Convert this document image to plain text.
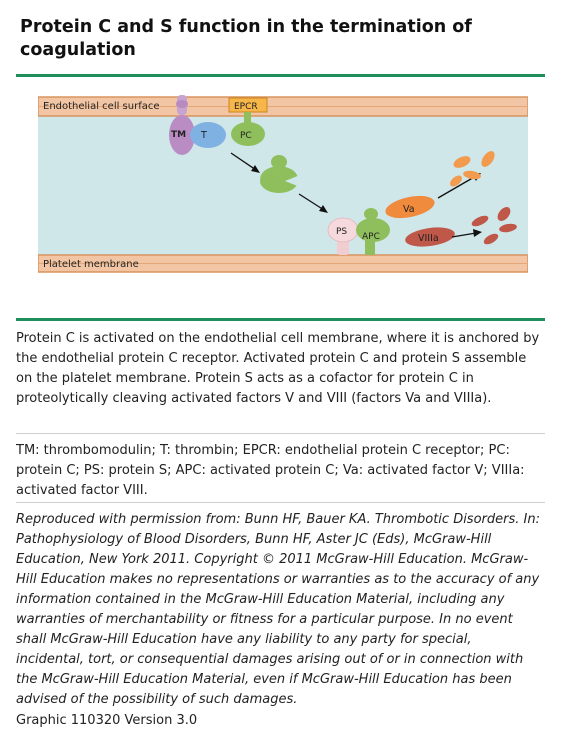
Protein C and S function in the termination of coagulation
Endothelial cell surface
Platelet membrane
TM T
EPCR
PC
PS APC
Va
VIIIa
Protein C is activated on the endothelial cell membrane, where it is anchored by the endothelial protein C receptor. Activated protein C and protein S assemble on the platelet membrane. Protein S acts as a cofactor for protein C in proteolytically cleaving activated factors V and VIII (factors Va and VIIIa).
TM: thrombomodulin; T: thrombin; EPCR: endothelial protein C receptor; PC: protein C; PS: protein S; APC: activated protein C; Va: activated factor V; VIIIa: activated factor VIII.
Reproduced with permission from: Bunn HF, Bauer KA. Thrombotic Disorders. In: Pathophysiology of Blood Disorders, Bunn HF, Aster JC (Eds), McGraw-Hill Education, New York 2011. Copyright © 2011 McGraw-Hill Education. McGraw-Hill Education makes no representations or warranties as to the accuracy of any information contained in the McGraw-Hill Education Material, including any warranties of merchantability or fitness for a particular purpose. In no event shall McGraw-Hill Education have any liability to any party for special, incidental, tort, or consequential damages arising out of or in connection with the McGraw-Hill Education Material, even if McGraw-Hill Education has been advised of the possibility of such damages.
Graphic 110320 Version 3.0
